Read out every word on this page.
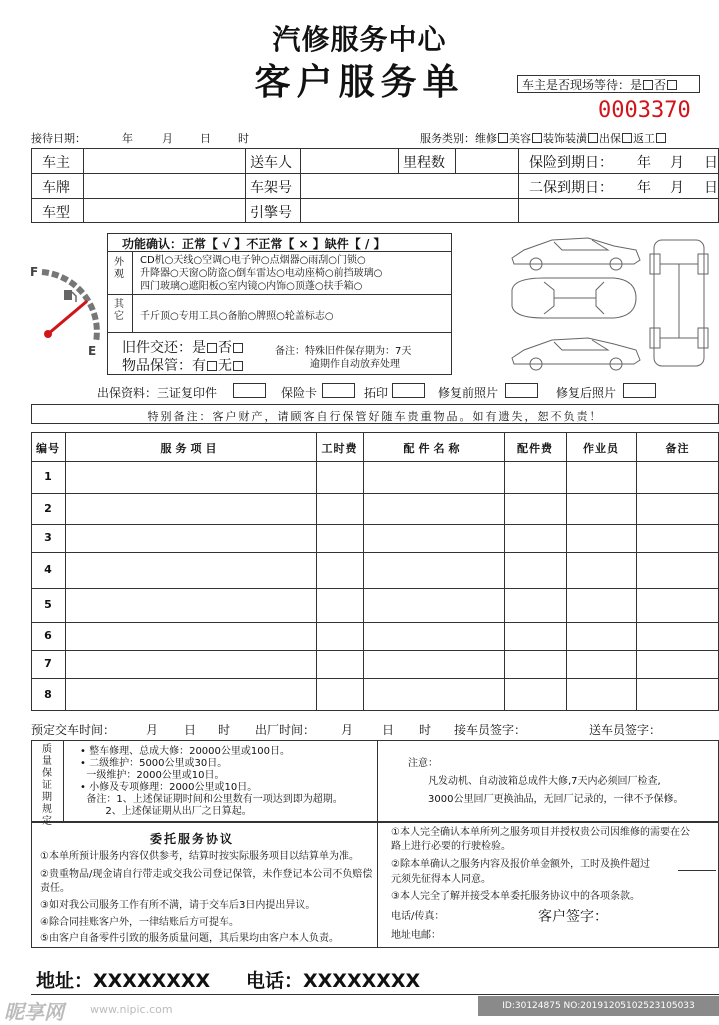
汽修服务中心
客户服务单	车主是否现场等待：是 否
0003370
接待日期：	年	月 日 时	服务类别：维修 美容 装饰装潢 出保 返工
车主	送车人	里程数	保险到期日： 年 月 日
车牌	车架号	二保到期日： 年 月 日
车型	引擎号
F
E
功能确认：正常【 √ 】不正常【 × 】缺件【 / 】
外观
CD机○天线○空调○电子钟○点烟器○雨刮○门锁○
升降器○天窗○防盗○倒车雷达○电动座椅○前挡玻璃○
四门玻璃○遮阳板○室内镜○内饰○顶蓬○扶手箱○
其它 千斤顶○专用工具○备胎○牌照○轮盖标志○
旧件交还：是 否
物品保管：有 无
备注：特殊旧件保存期为：7天
逾期作自动放弃处理
出保资料：三证复印件	保险卡	拓印	修复前照片	修复后照片
特别备注：客户财产，请顾客自行保管好随车贵重物品。如有遗失，恕不负责！
编号	服务项目	工时费	配件名称	配件费	作业员	备注
1
2
3
4
5
6
7
8
预定交车时间：	月 日 时 出厂时间： 月 日 时 接车员签字：	送车员签字：
质量保证期规定
• 整车修理、总成大修：20000公里或100日。
• 二级维护：5000公里或30日。
一级维护：2000公里或10日。
• 小修及专项修理：2000公里或10日。
备注：1、上述保证期时间和公里数有一项达到即为超期。
2、上述保证期从出厂之日算起。
注意：
凡发动机、自动波箱总成件大修,7天内必须回厂检查,
3000公里回厂更换油品，无回厂记录的，一律不予保修。
委托服务协议
①本单所预计服务内容仅供参考，结算时按实际服务项目以结算单为准。
②贵重物品/现金请自行带走或交我公司登记保管，未作登记本公司不负赔偿
责任。
③如对我公司服务工作有所不满，请于交车后3日内提出异议。
④除合同挂账客户外，一律结账后方可提车。
⑤由客户自备零件引致的服务质量问题，其后果均由客户本人负责。
①本人完全确认本单所列之服务项目并授权贵公司因维修的需要在公
路上进行必要的行驶检验。
②除本单确认之服务内容及报价单金额外，工时及换件超过
元须先征得本人同意。
③本人完全了解并接受本单委托服务协议中的各项条款。
电话/传真：	客户签字：
地址电邮：
地址：XXXXXXXX 电话：XXXXXXXX
昵享网 www.nipic.com	ID:30124875 NO:20191205102523105033
